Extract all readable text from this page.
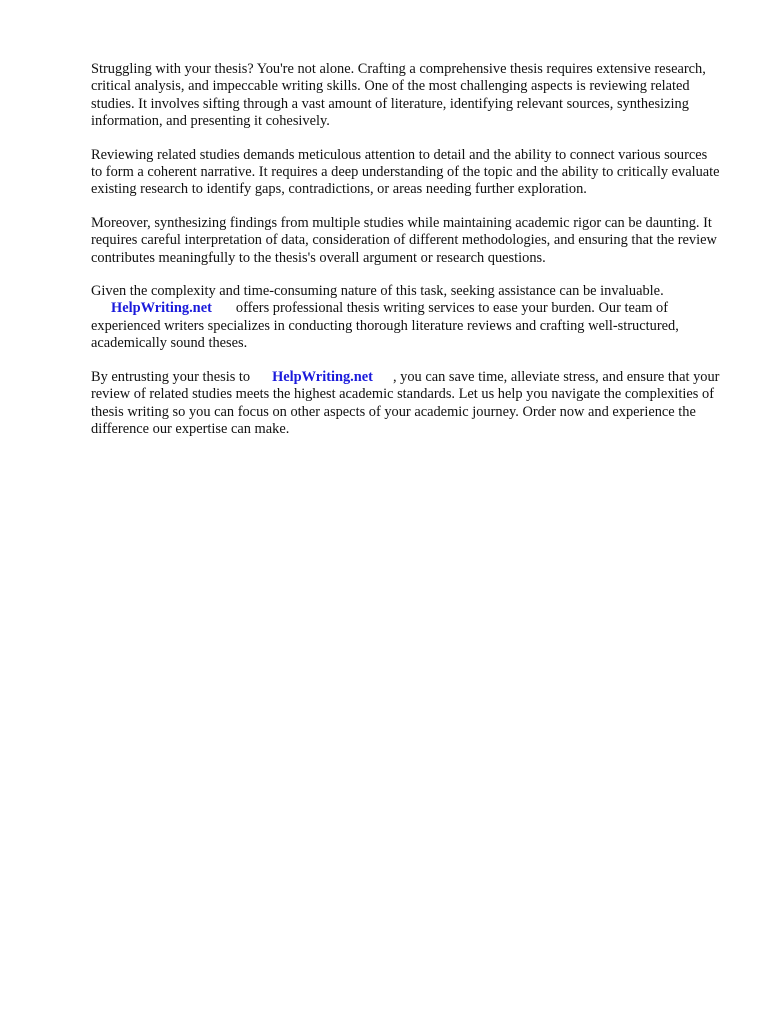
Struggling with your thesis? You're not alone. Crafting a comprehensive thesis requires extensive research, critical analysis, and impeccable writing skills. One of the most challenging aspects is reviewing related studies. It involves sifting through a vast amount of literature, identifying relevant sources, synthesizing information, and presenting it cohesively.

Reviewing related studies demands meticulous attention to detail and the ability to connect various sources to form a coherent narrative. It requires a deep understanding of the topic and the ability to critically evaluate existing research to identify gaps, contradictions, or areas needing further exploration.

Moreover, synthesizing findings from multiple studies while maintaining academic rigor can be daunting. It requires careful interpretation of data, consideration of different methodologies, and ensuring that the review contributes meaningfully to the thesis's overall argument or research questions.

Given the complexity and time-consuming nature of this task, seeking assistance can be invaluable.
HelpWriting.net offers professional thesis writing services to ease your burden. Our team of experienced writers specializes in conducting thorough literature reviews and crafting well-structured, academically sound theses.

By entrusting your thesis to HelpWriting.net , you can save time, alleviate stress, and ensure that your review of related studies meets the highest academic standards. Let us help you navigate the complexities of thesis writing so you can focus on other aspects of your academic journey. Order now and experience the difference our expertise can make.
